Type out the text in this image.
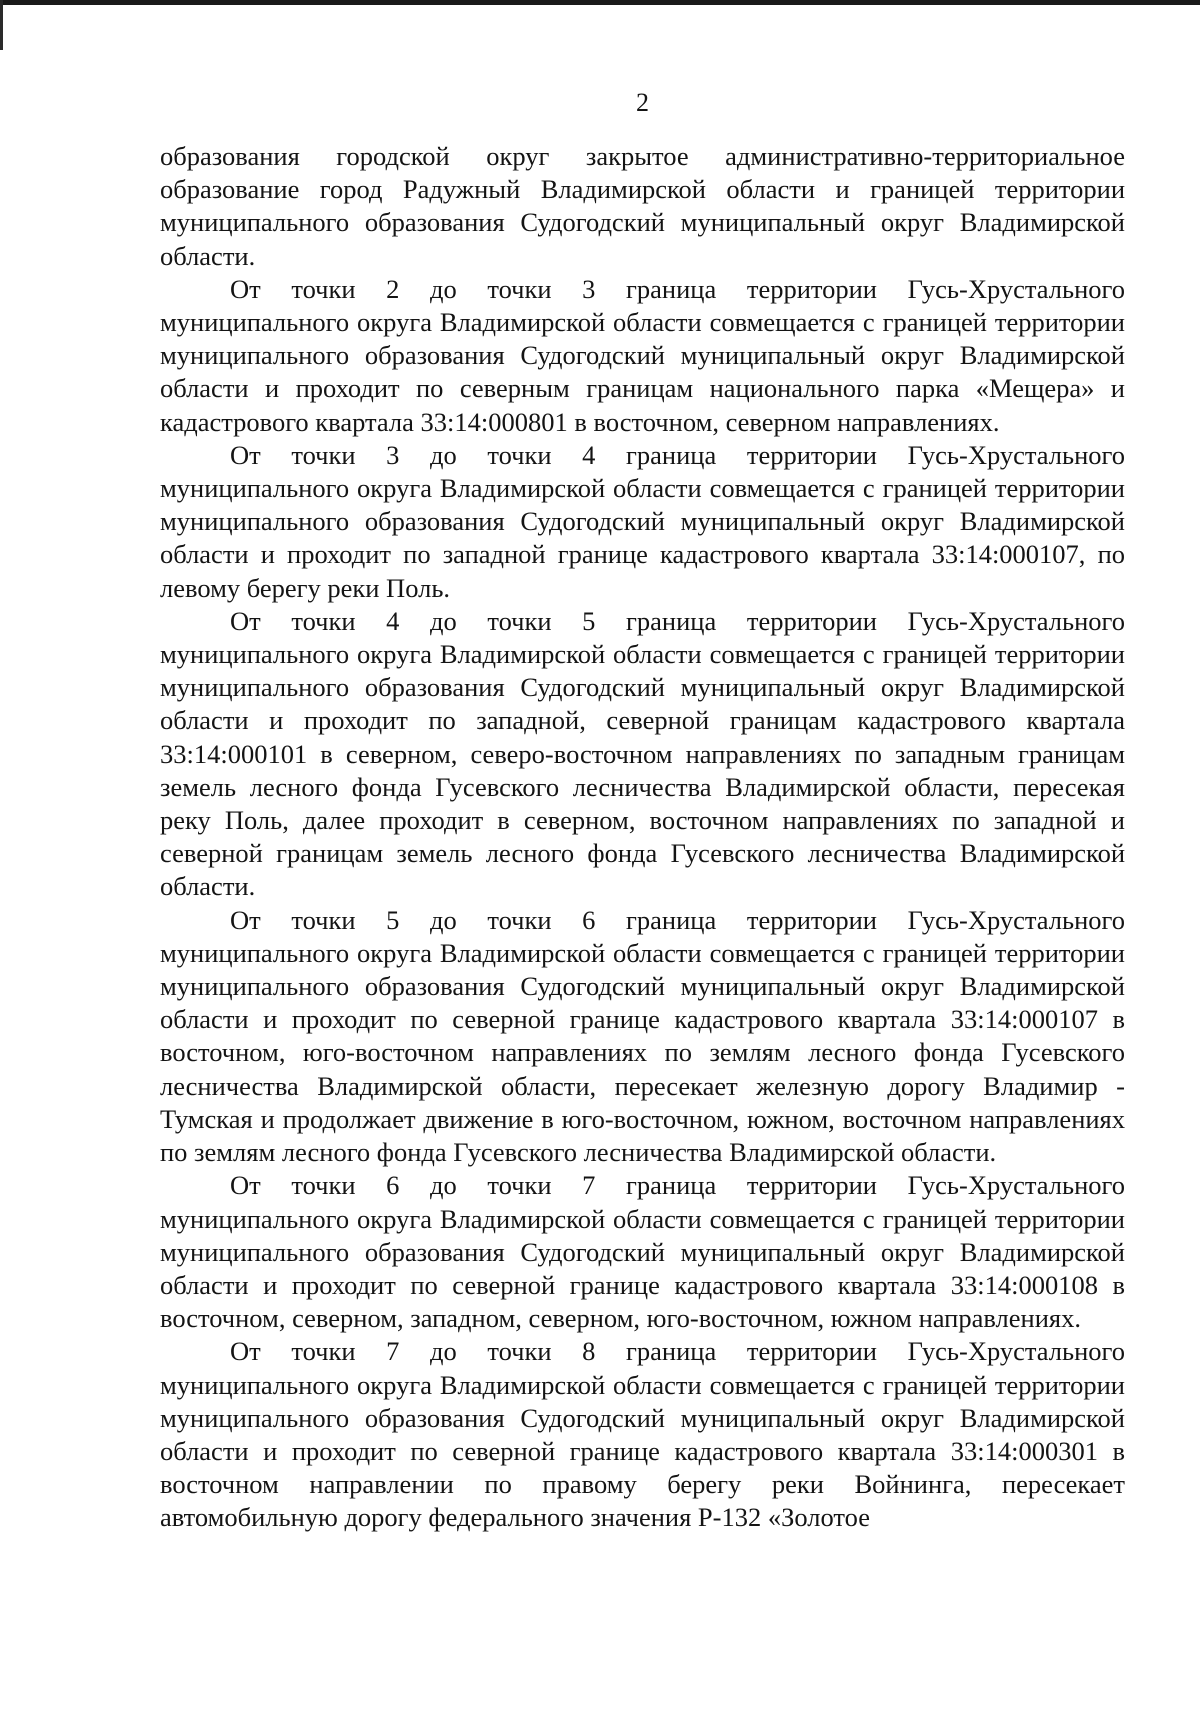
2

образования городской округ закрытое административно-территориальное образование город Радужный Владимирской области и границей территории муниципального образования Судогодский муниципальный округ Владимирской области.

От точки 2 до точки 3 граница территории Гусь-Хрустального муниципального округа Владимирской области совмещается с границей территории муниципального образования Судогодский муниципальный округ Владимирской области и проходит по северным границам национального парка «Мещера» и кадастрового квартала 33:14:000801 в восточном, северном направлениях.

От точки 3 до точки 4 граница территории Гусь-Хрустального муниципального округа Владимирской области совмещается с границей территории муниципального образования Судогодский муниципальный округ Владимирской области и проходит по западной границе кадастрового квартала 33:14:000107, по левому берегу реки Поль.

От точки 4 до точки 5 граница территории Гусь-Хрустального муниципального округа Владимирской области совмещается с границей территории муниципального образования Судогодский муниципальный округ Владимирской области и проходит по западной, северной границам кадастрового квартала 33:14:000101 в северном, северо-восточном направлениях по западным границам земель лесного фонда Гусевского лесничества Владимирской области, пересекая реку Поль, далее проходит в северном, восточном направлениях по западной и северной границам земель лесного фонда Гусевского лесничества Владимирской области.

От точки 5 до точки 6 граница территории Гусь-Хрустального муниципального округа Владимирской области совмещается с границей территории муниципального образования Судогодский муниципальный округ Владимирской области и проходит по северной границе кадастрового квартала 33:14:000107 в восточном, юго-восточном направлениях по землям лесного фонда Гусевского лесничества Владимирской области, пересекает железную дорогу Владимир - Тумская и продолжает движение в юго-восточном, южном, восточном направлениях по землям лесного фонда Гусевского лесничества Владимирской области.

От точки 6 до точки 7 граница территории Гусь-Хрустального муниципального округа Владимирской области совмещается с границей территории муниципального образования Судогодский муниципальный округ Владимирской области и проходит по северной границе кадастрового квартала 33:14:000108 в восточном, северном, западном, северном, юго-восточном, южном направлениях.

От точки 7 до точки 8 граница территории Гусь-Хрустального муниципального округа Владимирской области совмещается с границей территории муниципального образования Судогодский муниципальный округ Владимирской области и проходит по северной границе кадастрового квартала 33:14:000301 в восточном направлении по правому берегу реки Войнинга, пересекает автомобильную дорогу федерального значения Р-132 «Золотое
